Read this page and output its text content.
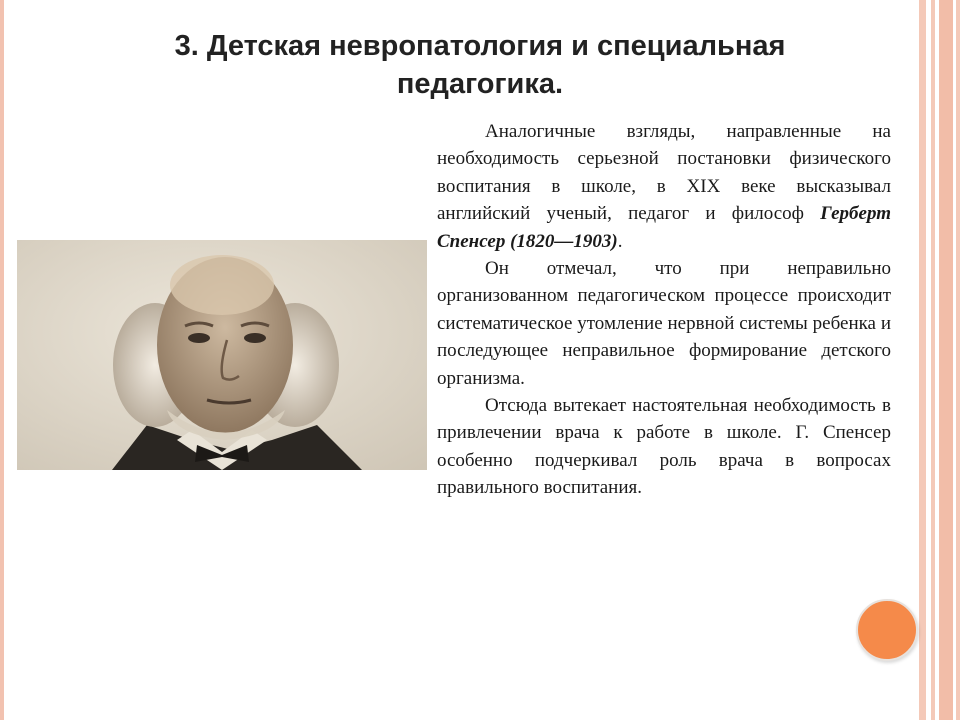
3. Детская невропатология и специальная
педагогика.

Аналогичные взгляды, направленные на необходимость серьезной постановки физического воспитания в школе, в XIX веке высказывал английский ученый, педагог и философ Герберт Спенсер (1820—1903).

Он отмечал, что при неправильно организованном педагогическом процессе происходит систематическое утомление нервной системы ребенка и последующее неправильное формирование детского организма.

Отсюда вытекает настоятельная необходимость в привлечении врача к работе в школе. Г. Спенсер особенно подчеркивал роль врача в вопросах правильного воспитания.
